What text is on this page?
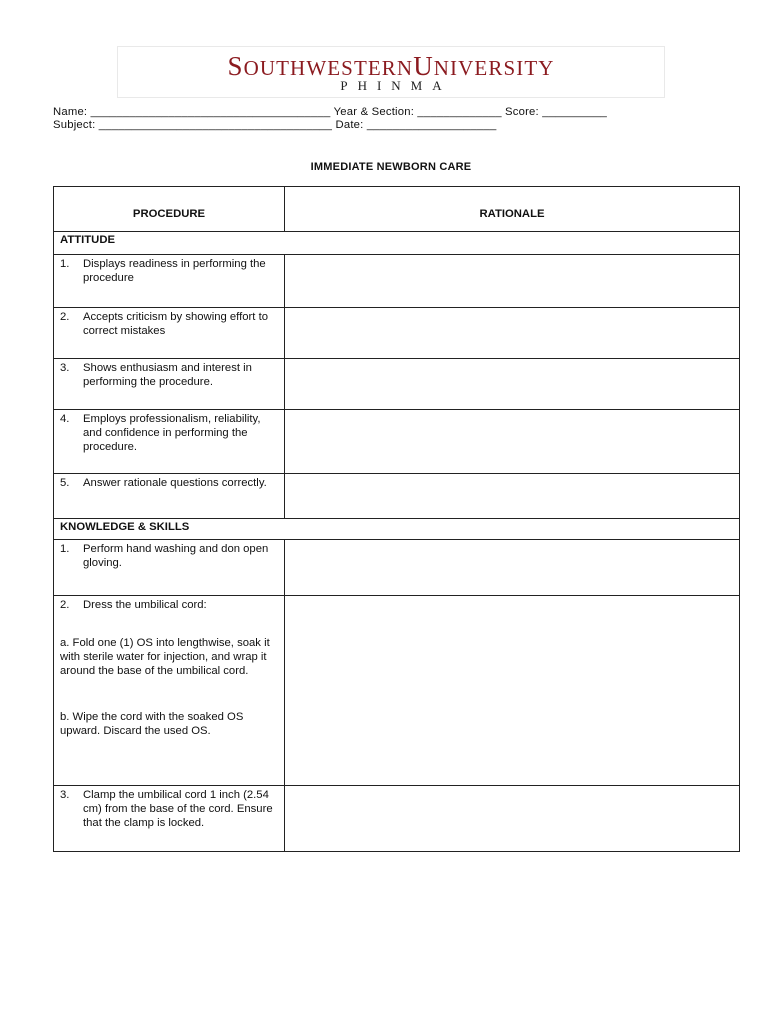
SOUTHWESTERNUNIVERSITY
PHINMA
Name: _____________________________________ Year & Section: _____________ Score: __________
Subject: ____________________________________ Date: ____________________
IMMEDIATE NEWBORN CARE
PROCEDURE	RATIONALE
ATTITUDE	

1. Displays readiness in performing the procedure	

2. Accepts criticism by showing effort to correct mistakes	

3. Shows enthusiasm and interest in performing the procedure.	

4. Employs professionalism, reliability, and confidence in performing the procedure.	

5. Answer rationale questions correctly.	

KNOWLEDGE & SKILLS	

1. Perform hand washing and don open gloving.	

2. Dress the umbilical cord:
a. Fold one (1) OS into lengthwise, soak it with sterile water for injection, and wrap it around the base of the umbilical cord.
b. Wipe the cord with the soaked OS upward. Discard the used OS.	

3. Clamp the umbilical cord 1 inch (2.54 cm) from the base of the cord. Ensure that the clamp is locked.	
